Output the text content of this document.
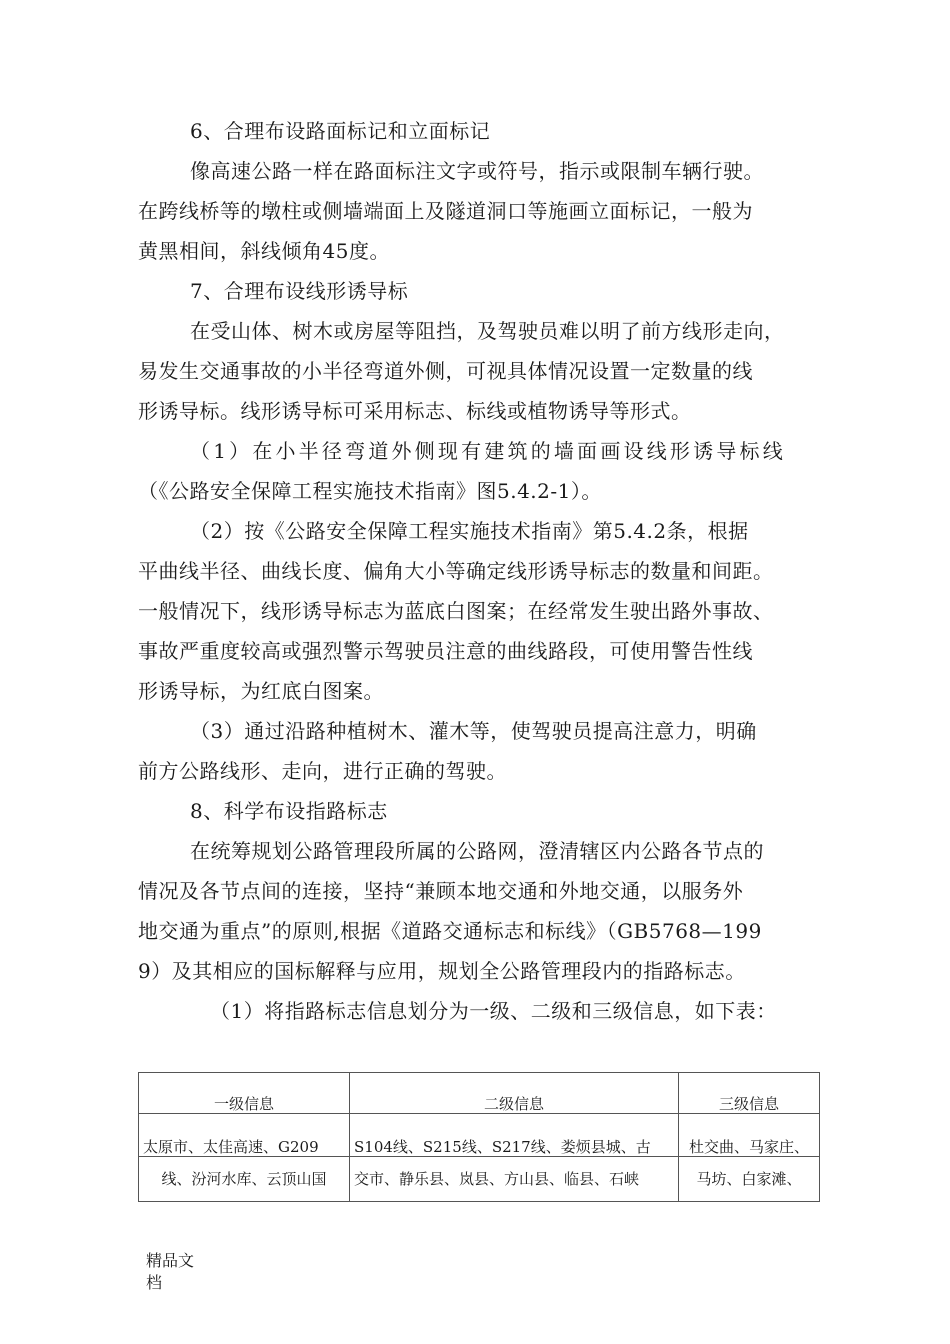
6、合理布设路面标记和立面标记
像高速公路一样在路面标注文字或符号，指示或限制车辆行驶。
在跨线桥等的墩柱或侧墙端面上及隧道洞口等施画立面标记，一般为
黄黑相间，斜线倾角45度。
7、合理布设线形诱导标
在受山体、树木或房屋等阻挡，及驾驶员难以明了前方线形走向，
易发生交通事故的小半径弯道外侧，可视具体情况设置一定数量的线
形诱导标。线形诱导标可采用标志、标线或植物诱导等形式。
（1）在小半径弯道外侧现有建筑的墙面画设线形诱导标线
（《公路安全保障工程实施技术指南》图5.4.2-1）。
（2）按《公路安全保障工程实施技术指南》第5.4.2条，根据
平曲线半径、曲线长度、偏角大小等确定线形诱导标志的数量和间距。
一般情况下，线形诱导标志为蓝底白图案；在经常发生驶出路外事故、
事故严重度较高或强烈警示驾驶员注意的曲线路段，可使用警告性线
形诱导标，为红底白图案。
（3）通过沿路种植树木、灌木等，使驾驶员提高注意力，明确
前方公路线形、走向，进行正确的驾驶。
8、科学布设指路标志
在统筹规划公路管理段所属的公路网，澄清辖区内公路各节点的
情况及各节点间的连接，坚持“兼顾本地交通和外地交通，以服务外
地交通为重点”的原则,根据《道路交通标志和标线》（GB5768—199
9）及其相应的国标解释与应用，规划全公路管理段内的指路标志。
（1）将指路标志信息划分为一级、二级和三级信息，如下表：
一级信息	二级信息	三级信息
太原市、太佳高速、G209	S104线、S215线、S217线、娄烦县城、古	杜交曲、马家庄、
线、汾河水库、云顶山国	交市、静乐县、岚县、方山县、临县、石峡	马坊、白家滩、
精品文
档
